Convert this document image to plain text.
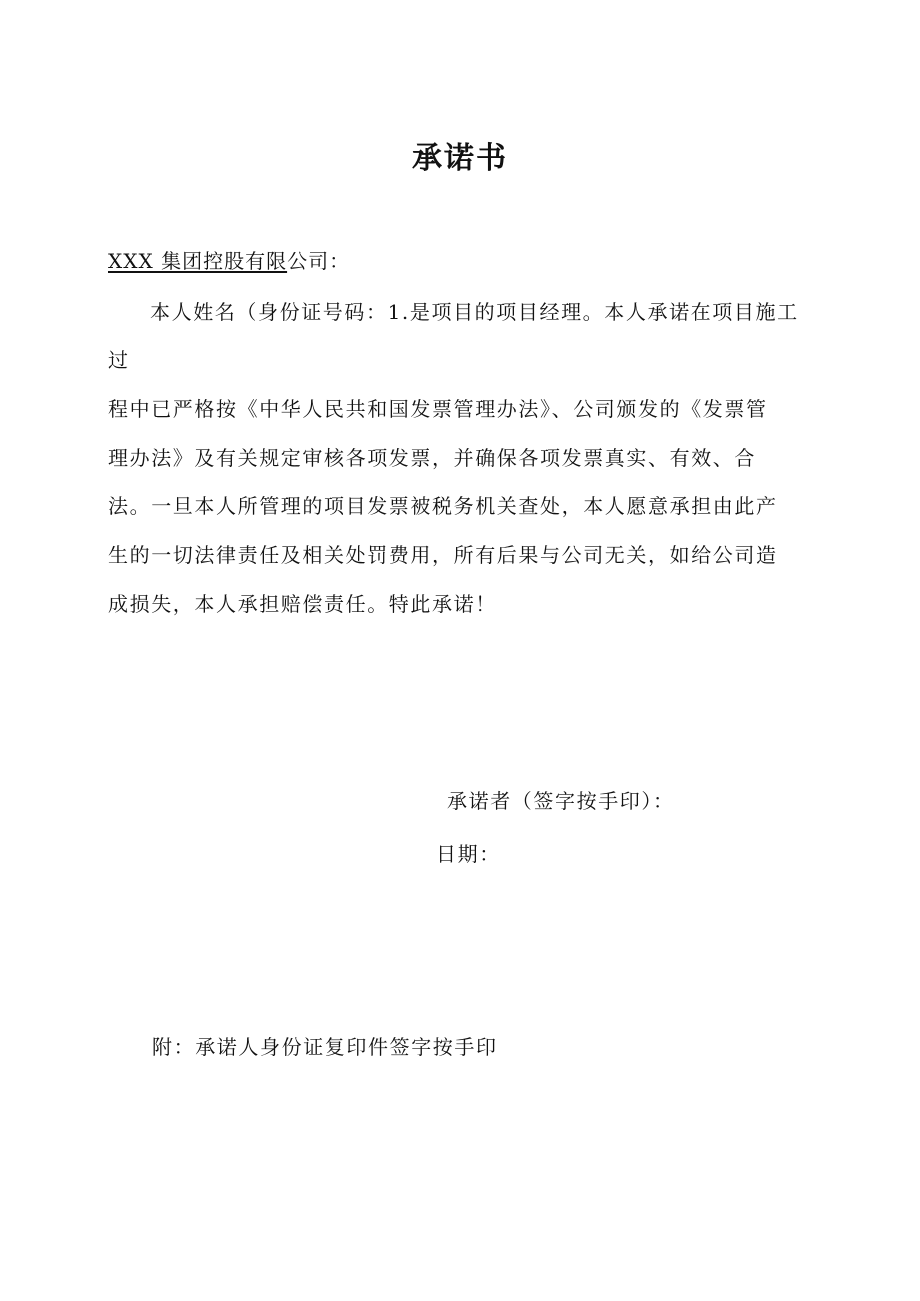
承诺书
XXX 集团控股有限公司：
本人姓名（身份证号码：1.是项目的项目经理。本人承诺在项目施工
过
程中已严格按《中华人民共和国发票管理办法》、公司颁发的《发票管
理办法》及有关规定审核各项发票，并确保各项发票真实、有效、合
法。一旦本人所管理的项目发票被税务机关查处，本人愿意承担由此产
生的一切法律责任及相关处罚费用，所有后果与公司无关，如给公司造
成损失，本人承担赔偿责任。特此承诺！
承诺者（签字按手印）：
日期：
附：承诺人身份证复印件签字按手印
